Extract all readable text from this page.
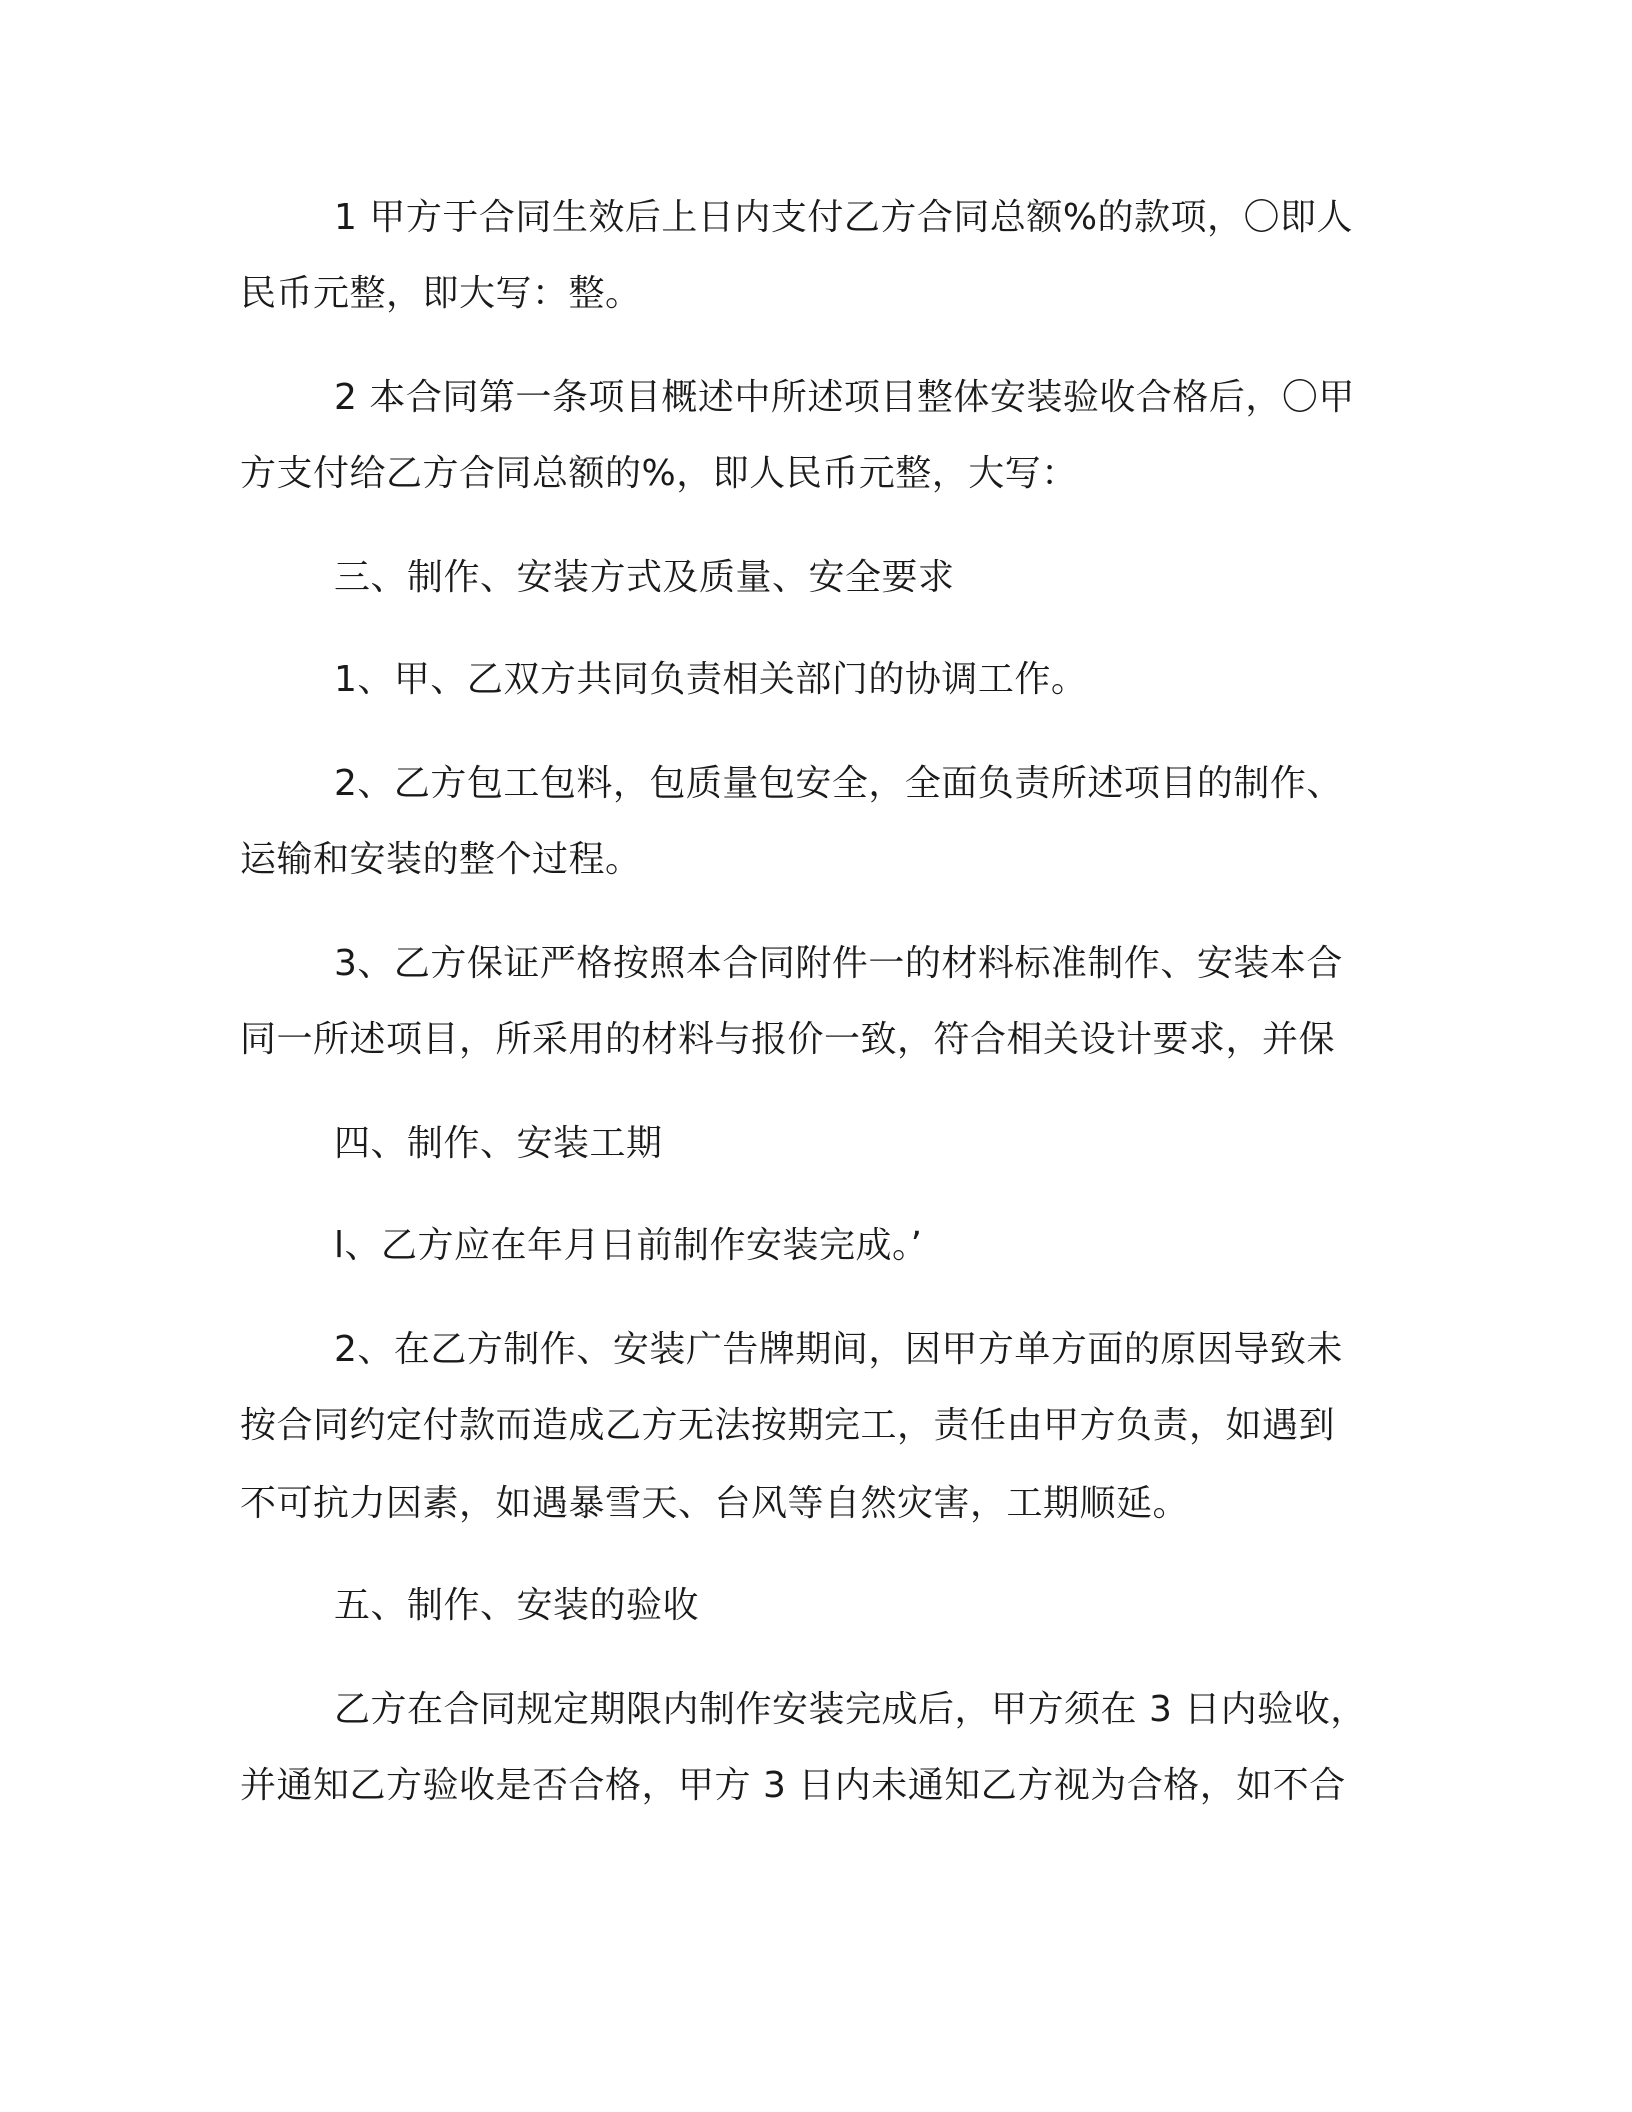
1 甲方于合同生效后上日内支付乙方合同总额%的款项，〇即人
民币元整，即大写：整。
2 本合同第一条项目概述中所述项目整体安装验收合格后，〇甲
方支付给乙方合同总额的%，即人民币元整，大写：
三、制作、安装方式及质量、安全要求
1、甲、乙双方共同负责相关部门的协调工作。
2、乙方包工包料，包质量包安全，全面负责所述项目的制作、
运输和安装的整个过程。
3、乙方保证严格按照本合同附件一的材料标准制作、安装本合
同一所述项目，所采用的材料与报价一致，符合相关设计要求，并保
四、制作、安装工期
l、乙方应在年月日前制作安装完成。’
2、在乙方制作、安装广告牌期间，因甲方单方面的原因导致未
按合同约定付款而造成乙方无法按期完工，责任由甲方负责，如遇到
不可抗力因素，如遇暴雪天、台风等自然灾害，工期顺延。
五、制作、安装的验收
乙方在合同规定期限内制作安装完成后，甲方须在 3 日内验收，
并通知乙方验收是否合格，甲方 3 日内未通知乙方视为合格，如不合
